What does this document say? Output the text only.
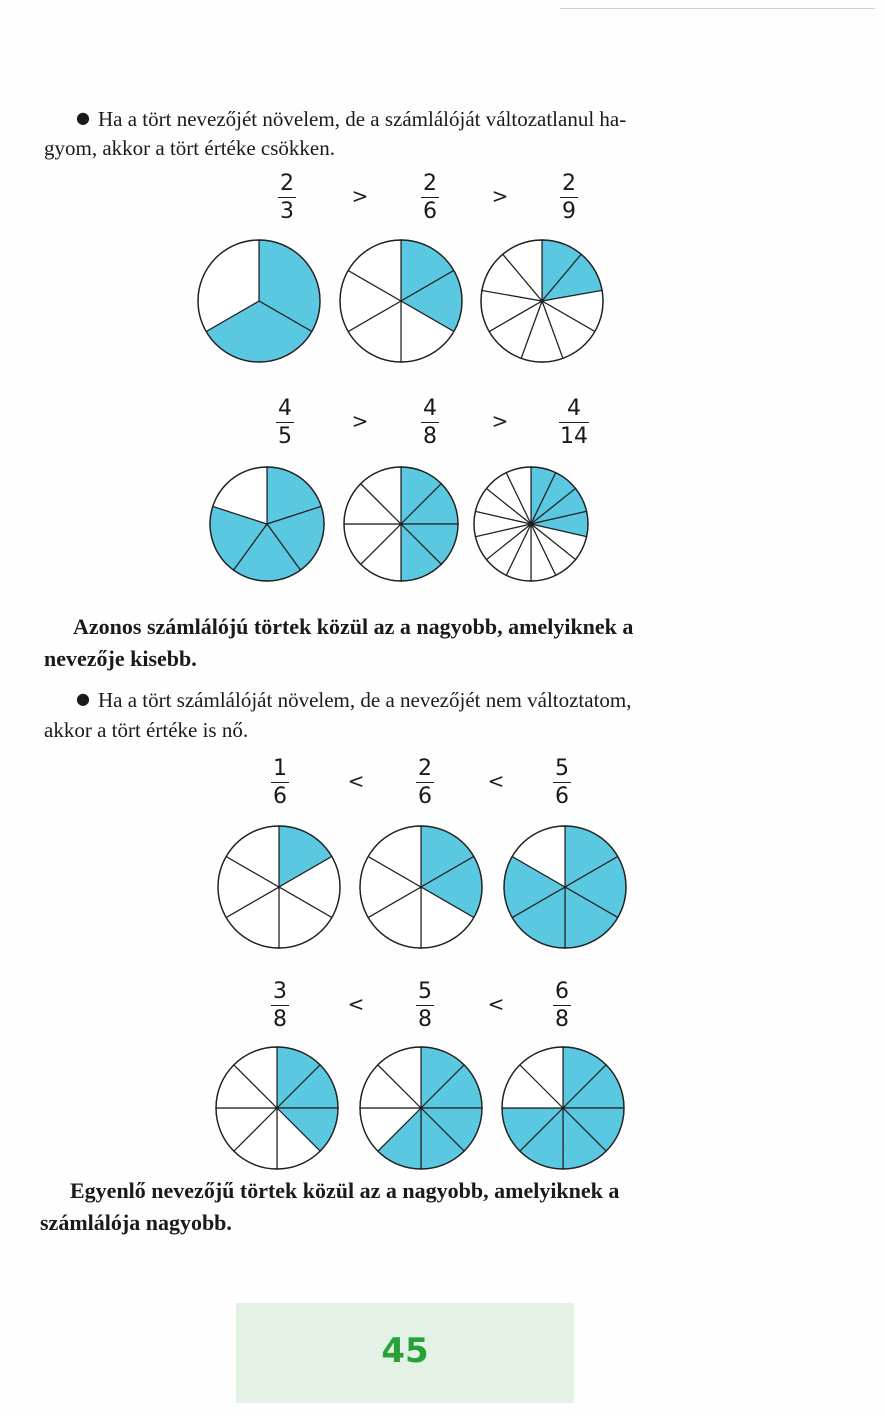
● Ha a tört nevezőjét növelem, de a számlálóját változatlanul ha-

gyom, akkor a tört értéke csökken.

2
3
>	2
6
>	2
9
4
5
>	4
8
>	4
14

Azonos számlálójú törtek közül az a nagyobb, amelyiknek a

nevezője kisebb.

● Ha a tört számlálóját növelem, de a nevezőjét nem változtatom,

akkor a tört értéke is nő.

1
6
<	2
6
<	5
6
3
8
<	5
8
<	6
8

Egyenlő nevezőjű törtek közül az a nagyobb, amelyiknek a

számlálója nagyobb.

45
